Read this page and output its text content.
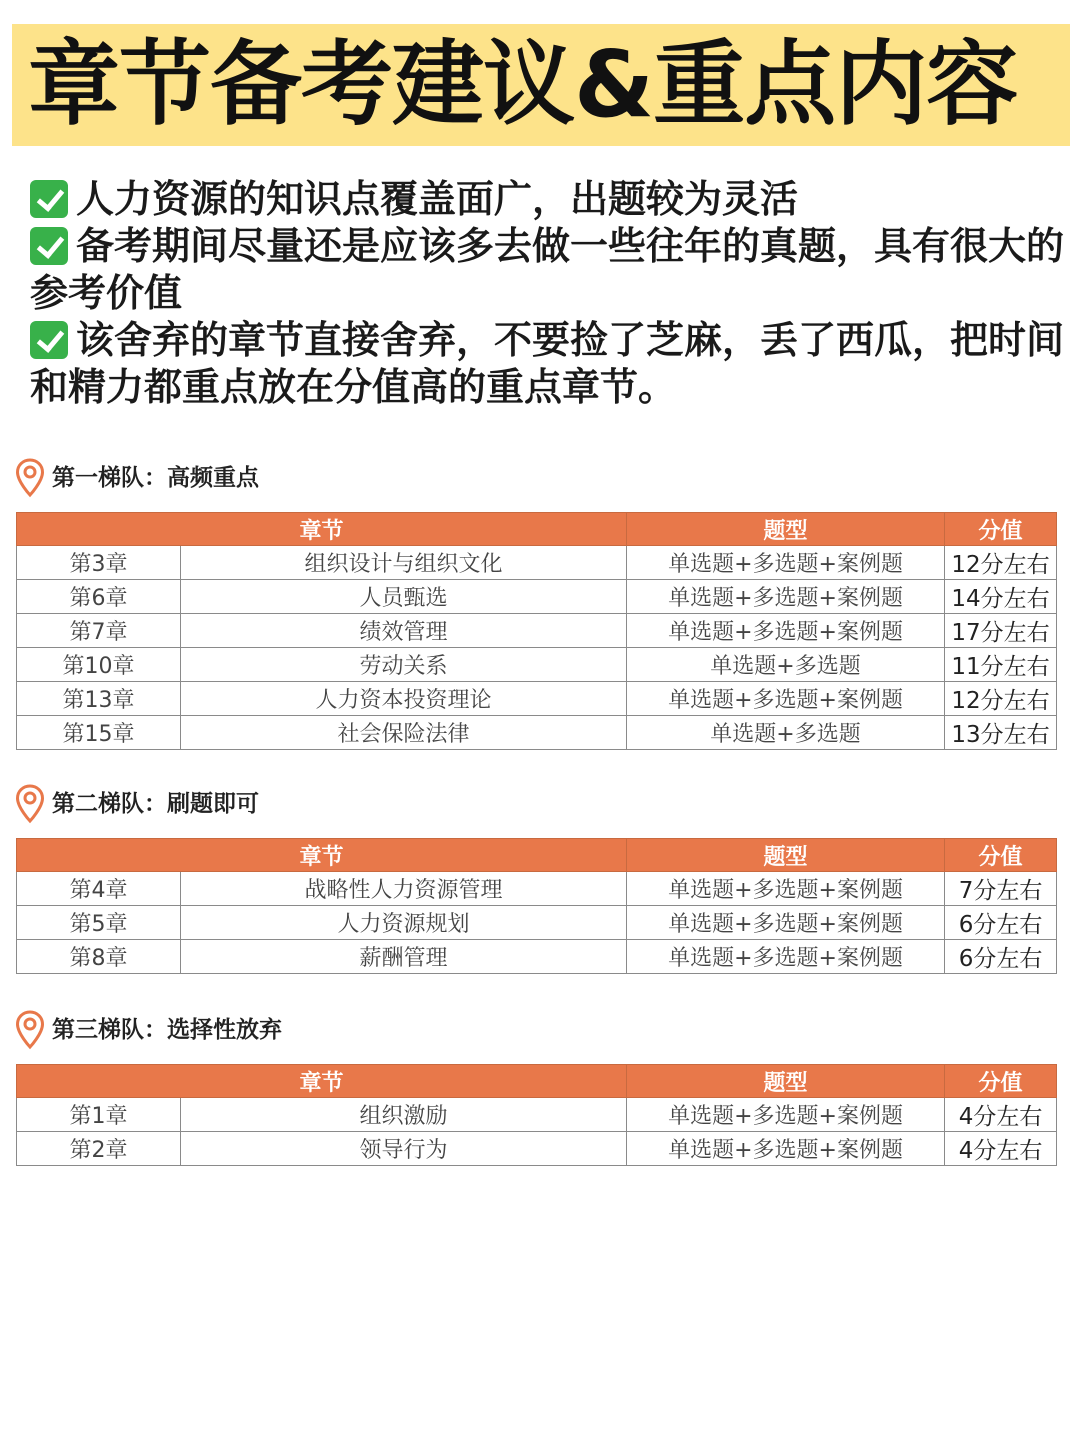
章节备考建议&重点内容
人力资源的知识点覆盖面广，出题较为灵活
备考期间尽量还是应该多去做一些往年的真题，具有很大的参考价值
该舍弃的章节直接舍弃，不要捡了芝麻，丢了西瓜，把时间和精力都重点放在分值高的重点章节。
第一梯队：高频重点
章节		题型	分值
第3章	组织设计与组织文化	单选题+多选题+案例题	12分左右
第6章	人员甄选	单选题+多选题+案例题	14分左右
第7章	绩效管理	单选题+多选题+案例题	17分左右
第10章	劳动关系	单选题+多选题	11分左右
第13章	人力资本投资理论	单选题+多选题+案例题	12分左右
第15章	社会保险法律	单选题+多选题	13分左右
第二梯队：刷题即可
章节		题型	分值
第4章	战略性人力资源管理	单选题+多选题+案例题	7分左右
第5章	人力资源规划	单选题+多选题+案例题	6分左右
第8章	薪酬管理	单选题+多选题+案例题	6分左右
第三梯队：选择性放弃
章节		题型	分值
第1章	组织激励	单选题+多选题+案例题	4分左右
第2章	领导行为	单选题+多选题+案例题	4分左右
